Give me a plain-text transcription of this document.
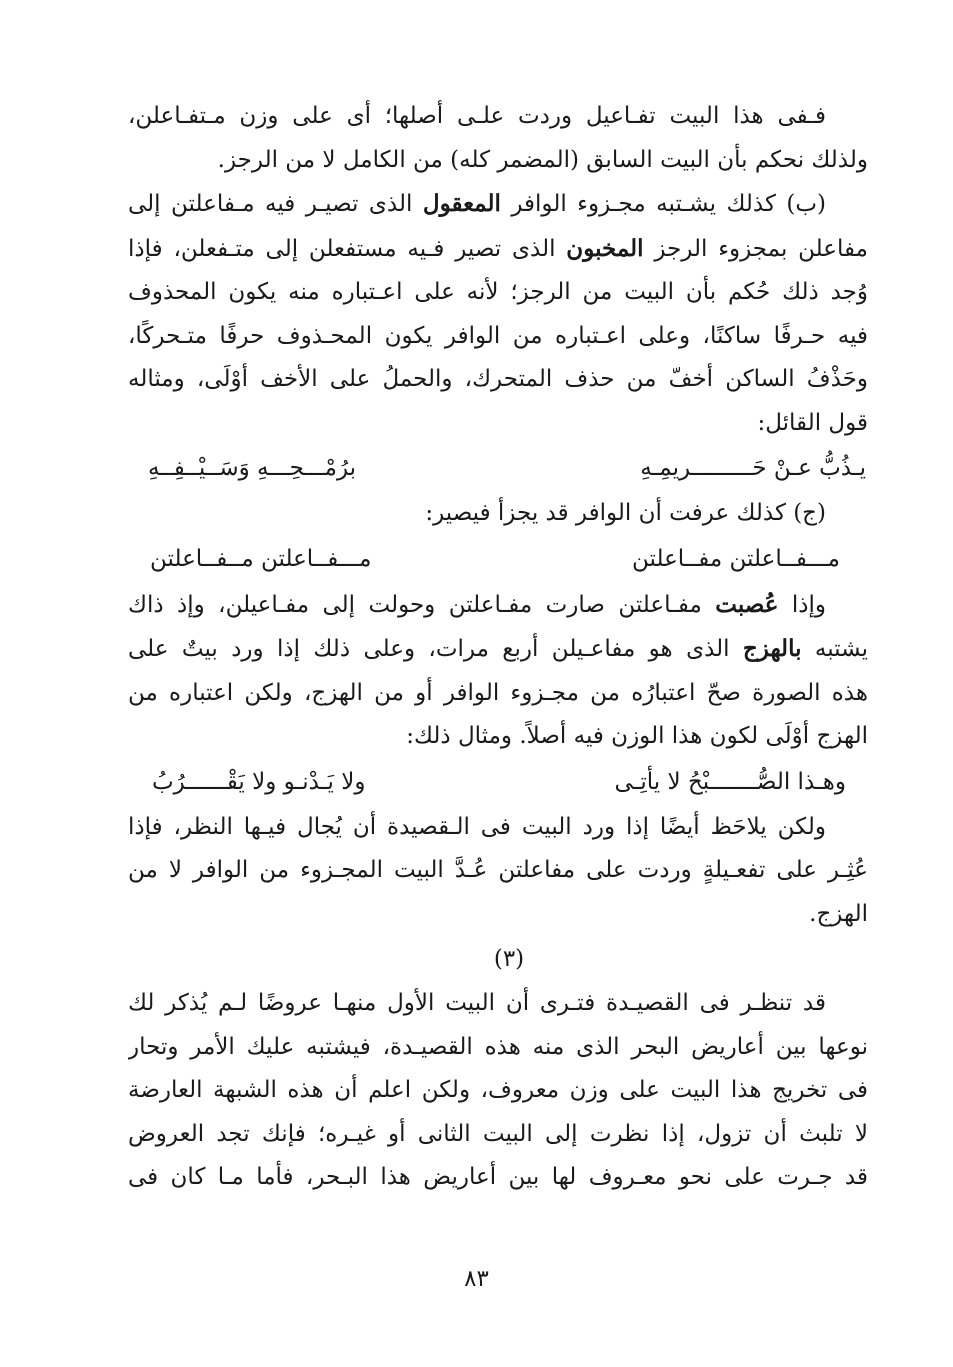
فـفى هذا البيت تفـاعيل وردت علـى أصلها؛ أى على وزن مـتفـاعلن،
ولذلك نحكم بأن البيت السابق (المضمر كله) من الكامل لا من الرجز.
(ب) كذلك يشـتبه مجـزوء الوافر المعقول الذى تصيـر فيه مـفاعلتن إلى
مفاعلن بمجزوء الرجز المخبون الذى تصير فـيه مستفعلن إلى متـفعلن، فإذا
وُجد ذلك حُكم بأن البيت من الرجز؛ لأنه على اعـتباره منه يكون المحذوف
فيه حـرفًا ساكنًا، وعلى اعـتباره من الوافر يكون المحـذوف حرفًا متـحركًا،
وحَذْفُ الساكن أخفّ من حذف المتحرك، والحملُ على الأخف أوْلَى، ومثاله
قول القائل:
يـذُبُّ عـنْ حَـــــــــريمِـهِ
برُمْـــحِـــهِ وَسَــيْــفِــهِ
(ج) كذلك عرفت أن الوافر قد يجزأ فيصير:
مـــفــاعلتن مفــاعلتن
مـــفــاعلتن مــفــاعلتن
وإذا عُصبت مفـاعلتن صارت مفـاعلتن وحولت إلى مفـاعيلن، وإذ ذاك
يشتبه بالهزج الذى هو مفاعـيلن أربع مرات، وعلى ذلك إذا ورد بيتٌ على
هذه الصورة صحّ اعتبارُه من مجـزوء الوافر أو من الهزج، ولكن اعتباره من
الهزج أوْلَى لكون هذا الوزن فيه أصلاً. ومثال ذلك:
وهـذا الصُّـــــــبْحُ لا يأتِـى
ولا يَـدْنـو ولا يَقْــــــرُبُ
ولكن يلاحَظ أيضًا إذا ورد البيت فى الـقصيدة أن يُجال فيـها النظر، فإذا
عُثِـر على تفعـيلةٍ وردت على مفاعلتن عُـدَّ البيت المجـزوء من الوافر لا من
الهزج.
(٣)
قد تنظـر فى القصيـدة فتـرى أن البيت الأول منهـا عروضًا لـم يُذكر لك
نوعها بين أعاريض البحر الذى منه هذه القصيـدة، فيشتبه عليك الأمر وتحار
فى تخريج هذا البيت على وزن معروف، ولكن اعلم أن هذه الشبهة العارضة
لا تلبث أن تزول، إذا نظرت إلى البيت الثانى أو غيـره؛ فإنك تجد العروض
قد جـرت على نحو معـروف لها بين أعاريض هذا البـحر، فأما مـا كان فى
٨٣
